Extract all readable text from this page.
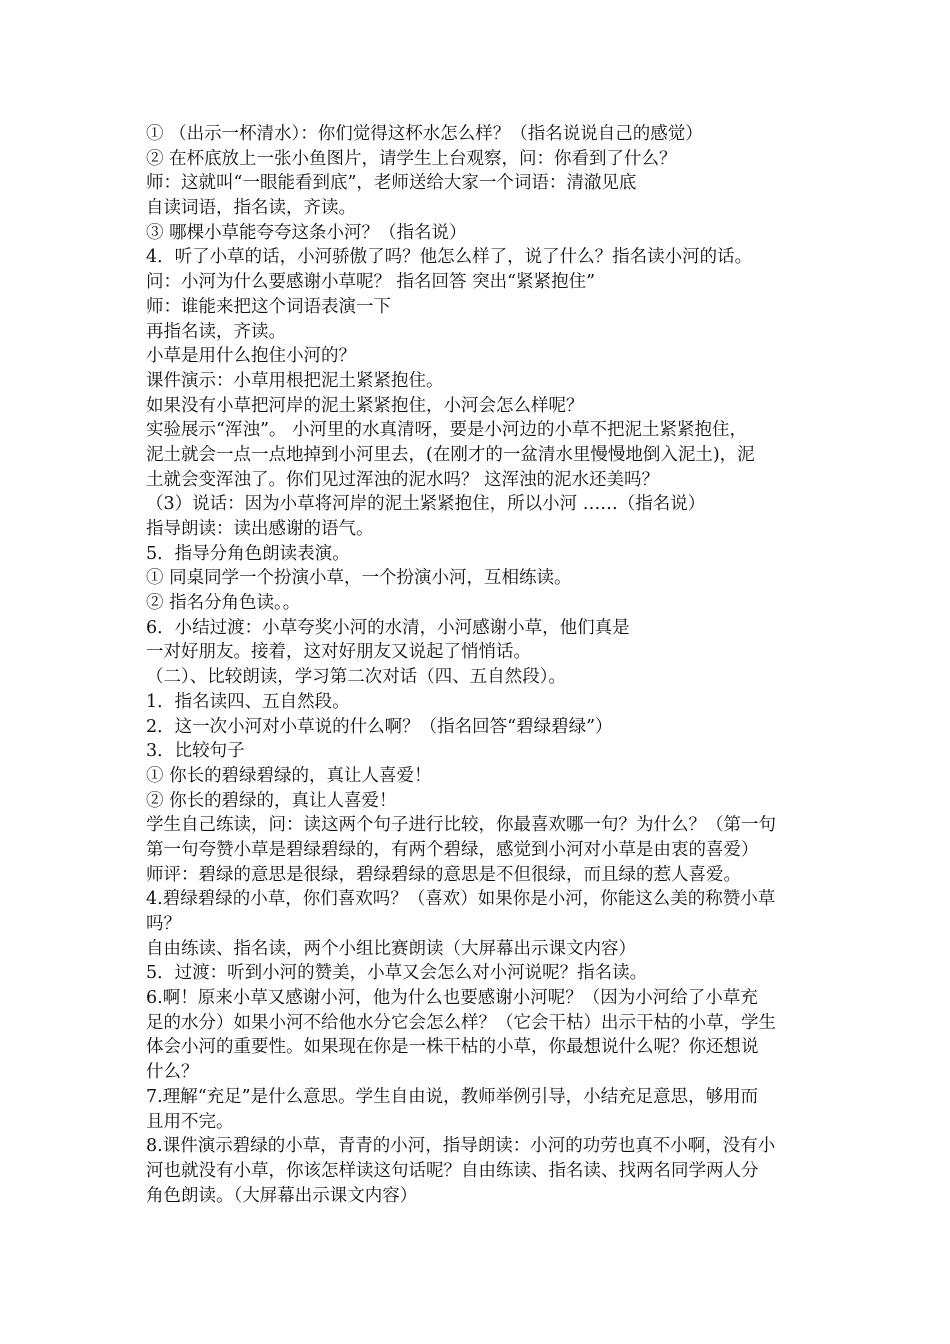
① （出示一杯清水）：你们觉得这杯水怎么样？（指名说说自己的感觉）
② 在杯底放上一张小鱼图片，请学生上台观察，问：你看到了什么？
师：这就叫“一眼能看到底”，老师送给大家一个词语：清澈见底
自读词语，指名读，齐读。
③ 哪棵小草能夸夸这条小河？（指名说）
4．听了小草的话，小河骄傲了吗？他怎么样了，说了什么？指名读小河的话。
问：小河为什么要感谢小草呢？ 指名回答 突出“紧紧抱住”
师：谁能来把这个词语表演一下
再指名读，齐读。
小草是用什么抱住小河的？
课件演示：小草用根把泥土紧紧抱住。
如果没有小草把河岸的泥土紧紧抱住，小河会怎么样呢？
实验展示“浑浊”。 小河里的水真清呀，要是小河边的小草不把泥土紧紧抱住，
泥土就会一点一点地掉到小河里去，(在刚才的一盆清水里慢慢地倒入泥土)，泥
土就会变浑浊了。你们见过浑浊的泥水吗？ 这浑浊的泥水还美吗？
（3）说话：因为小草将河岸的泥土紧紧抱住，所以小河 ……（指名说）
指导朗读：读出感谢的语气。
5．指导分角色朗读表演。
① 同桌同学一个扮演小草，一个扮演小河，互相练读。
② 指名分角色读。。
6．小结过渡：小草夸奖小河的水清，小河感谢小草，他们真是
一对好朋友。接着，这对好朋友又说起了悄悄话。
（二）、比较朗读，学习第二次对话（四、五自然段）。
1．指名读四、五自然段。
2．这一次小河对小草说的什么啊？（指名回答“碧绿碧绿”）
3．比较句子
① 你长的碧绿碧绿的，真让人喜爱！
② 你长的碧绿的，真让人喜爱！
学生自己练读，问：读这两个句子进行比较，你最喜欢哪一句？为什么？（第一句
第一句夸赞小草是碧绿碧绿的，有两个碧绿，感觉到小河对小草是由衷的喜爱）
师评：碧绿的意思是很绿，碧绿碧绿的意思是不但很绿，而且绿的惹人喜爱。
4.碧绿碧绿的小草，你们喜欢吗？（喜欢）如果你是小河，你能这么美的称赞小草
吗？
自由练读、指名读，两个小组比赛朗读（大屏幕出示课文内容）
5．过渡：听到小河的赞美，小草又会怎么对小河说呢？指名读。
6.啊！原来小草又感谢小河，他为什么也要感谢小河呢？（因为小河给了小草充
足的水分）如果小河不给他水分它会怎么样？（它会干枯）出示干枯的小草，学生
体会小河的重要性。如果现在你是一株干枯的小草，你最想说什么呢？你还想说
什么？
7.理解“充足”是什么意思。学生自由说，教师举例引导，小结充足意思，够用而
且用不完。
8.课件演示碧绿的小草，青青的小河，指导朗读：小河的功劳也真不小啊，没有小
河也就没有小草，你该怎样读这句话呢？自由练读、指名读、找两名同学两人分
角色朗读。（大屏幕出示课文内容）
